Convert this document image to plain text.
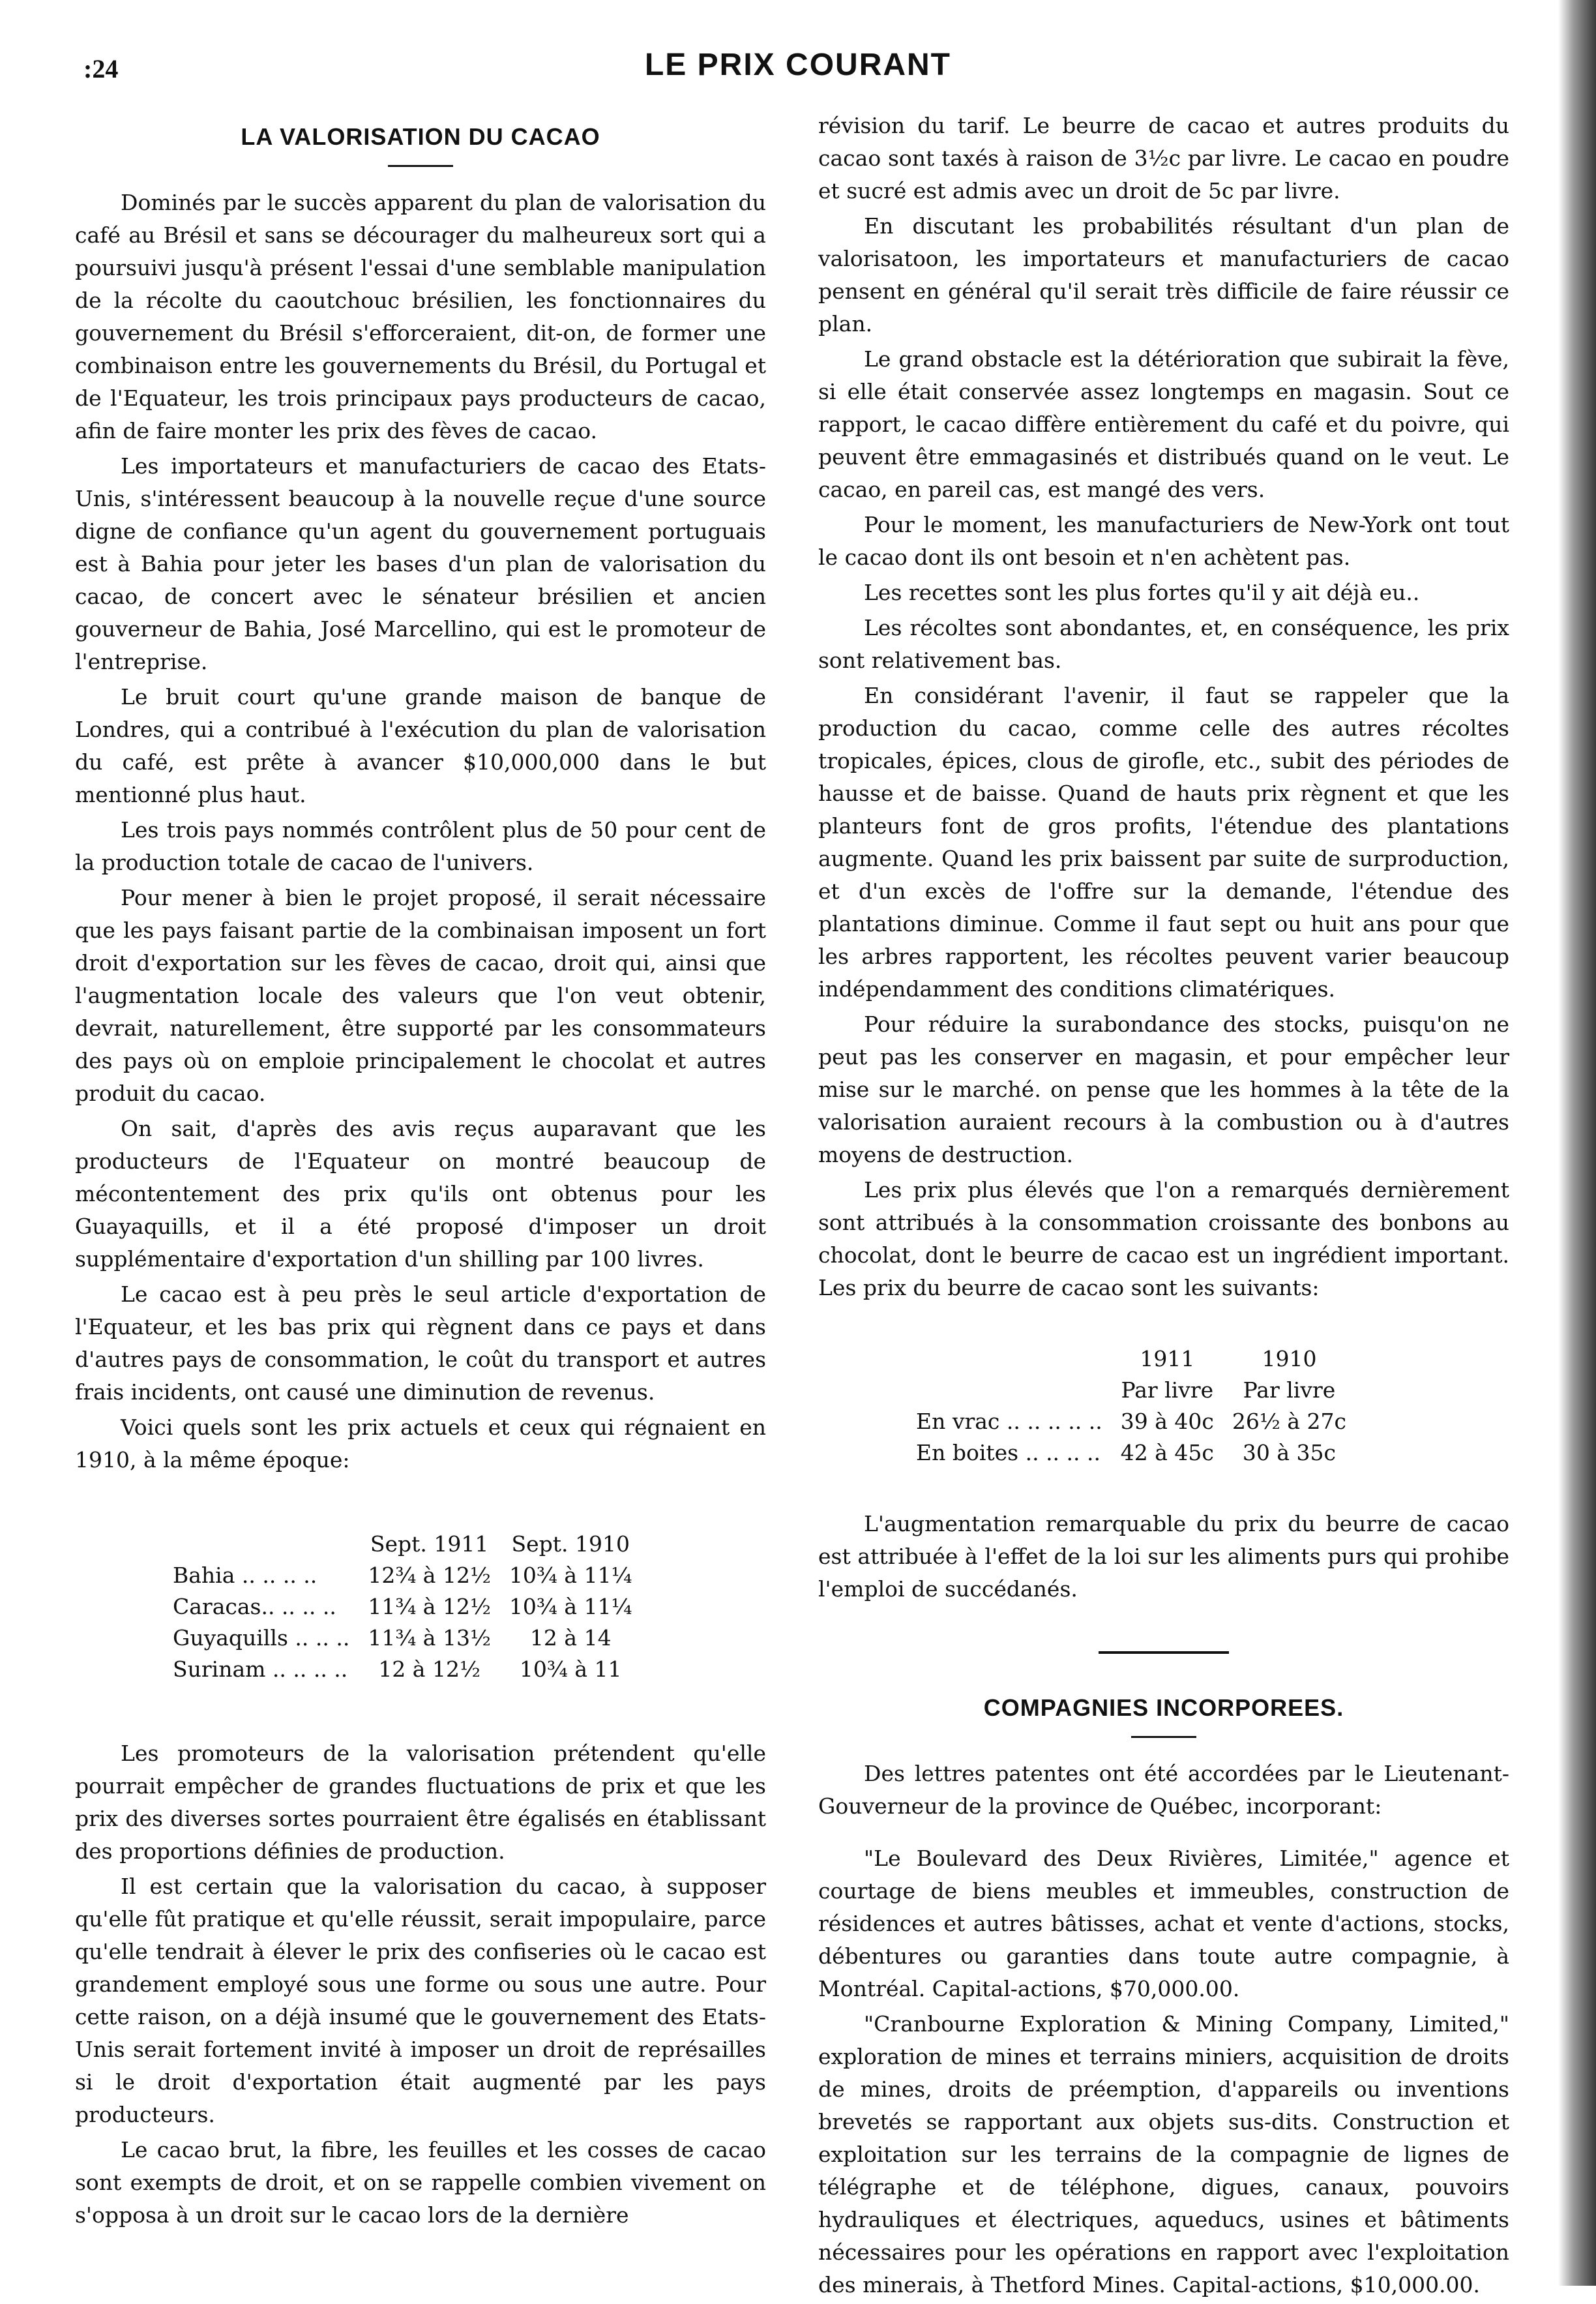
:24	LE PRIX COURANT
LA VALORISATION DU CACAO

Dominés par le succès apparent du plan de valorisation du café au Brésil et sans se décourager du malheureux sort qui a poursuivi jusqu'à présent l'essai d'une semblable manipulation de la récolte du caoutchouc brésilien, les fonctionnaires du gouvernement du Brésil s'efforceraient, dit-on, de former une combinaison entre les gouvernements du Brésil, du Portugal et de l'Equateur, les trois principaux pays producteurs de cacao, afin de faire monter les prix des fèves de cacao.

Les importateurs et manufacturiers de cacao des Etats-Unis, s'intéressent beaucoup à la nouvelle reçue d'une source digne de confiance qu'un agent du gouvernement portuguais est à Bahia pour jeter les bases d'un plan de valorisation du cacao, de concert avec le sénateur brésilien et ancien gouverneur de Bahia, José Marcellino, qui est le promoteur de l'entreprise.

Le bruit court qu'une grande maison de banque de Londres, qui a contribué à l'exécution du plan de valorisation du café, est prête à avancer $10,000,000 dans le but mentionné plus haut.

Les trois pays nommés contrôlent plus de 50 pour cent de la production totale de cacao de l'univers.

Pour mener à bien le projet proposé, il serait nécessaire que les pays faisant partie de la combinaisan imposent un fort droit d'exportation sur les fèves de cacao, droit qui, ainsi que l'augmentation locale des valeurs que l'on veut obtenir, devrait, naturellement, être supporté par les consommateurs des pays où on emploie principalement le chocolat et autres produit du cacao.

On sait, d'après des avis reçus auparavant que les producteurs de l'Equateur on montré beaucoup de mécontentement des prix qu'ils ont obtenus pour les Guayaquills, et il a été proposé d'imposer un droit supplémentaire d'exportation d'un shilling par 100 livres.

Le cacao est à peu près le seul article d'exportation de l'Equateur, et les bas prix qui règnent dans ce pays et dans d'autres pays de consommation, le coût du transport et autres frais incidents, ont causé une diminution de revenus.

Voici quels sont les prix actuels et ceux qui régnaient en 1910, à la même époque:

	Sept. 1911	Sept. 1910
Bahia .. .. .. ..	12¾ à 12½	10¾ à 11¼
Caracas.. .. .. ..	11¾ à 12½	10¾ à 11¼
Guyaquills .. .. ..	11¾ à 13½	12 à 14
Surinam .. .. .. ..	12 à 12½	10¾ à 11

Les promoteurs de la valorisation prétendent qu'elle pourrait empêcher de grandes fluctuations de prix et que les prix des diverses sortes pourraient être égalisés en établissant des proportions définies de production.

Il est certain que la valorisation du cacao, à supposer qu'elle fût pratique et qu'elle réussit, serait impopulaire, parce qu'elle tendrait à élever le prix des confiseries où le cacao est grandement employé sous une forme ou sous une autre. Pour cette raison, on a déjà insumé que le gouvernement des Etats-Unis serait fortement invité à imposer un droit de représailles si le droit d'exportation était augmenté par les pays producteurs.

Le cacao brut, la fibre, les feuilles et les cosses de cacao sont exempts de droit, et on se rappelle combien vivement on s'opposa à un droit sur le cacao lors de la dernière

révision du tarif. Le beurre de cacao et autres produits du cacao sont taxés à raison de 3½c par livre. Le cacao en poudre et sucré est admis avec un droit de 5c par livre.

En discutant les probabilités résultant d'un plan de valorisatoon, les importateurs et manufacturiers de cacao pensent en général qu'il serait très difficile de faire réussir ce plan.

Le grand obstacle est la détérioration que subirait la fève, si elle était conservée assez longtemps en magasin. Sout ce rapport, le cacao diffère entièrement du café et du poivre, qui peuvent être emmagasinés et distribués quand on le veut. Le cacao, en pareil cas, est mangé des vers.

Pour le moment, les manufacturiers de New-York ont tout le cacao dont ils ont besoin et n'en achètent pas.

Les recettes sont les plus fortes qu'il y ait déjà eu..

Les récoltes sont abondantes, et, en conséquence, les prix sont relativement bas.

En considérant l'avenir, il faut se rappeler que la production du cacao, comme celle des autres récoltes tropicales, épices, clous de girofle, etc., subit des périodes de hausse et de baisse. Quand de hauts prix règnent et que les planteurs font de gros profits, l'étendue des plantations augmente. Quand les prix baissent par suite de surproduction, et d'un excès de l'offre sur la demande, l'étendue des plantations diminue. Comme il faut sept ou huit ans pour que les arbres rapportent, les récoltes peuvent varier beaucoup indépendamment des conditions climatériques.

Pour réduire la surabondance des stocks, puisqu'on ne peut pas les conserver en magasin, et pour empêcher leur mise sur le marché. on pense que les hommes à la tête de la valorisation auraient recours à la combustion ou à d'autres moyens de destruction.

Les prix plus élevés que l'on a remarqués dernièrement sont attribués à la consommation croissante des bonbons au chocolat, dont le beurre de cacao est un ingrédient important. Les prix du beurre de cacao sont les suivants:

	1911	1910
	Par livre	Par livre
En vrac .. .. .. .. ..	39 à 40c	26½ à 27c
En boites .. .. .. ..	42 à 45c	30 à 35c

L'augmentation remarquable du prix du beurre de cacao est attribuée à l'effet de la loi sur les aliments purs qui prohibe l'emploi de succédanés.

COMPAGNIES INCORPOREES.

Des lettres patentes ont été accordées par le Lieutenant-Gouverneur de la province de Québec, incorporant:

"Le Boulevard des Deux Rivières, Limitée," agence et courtage de biens meubles et immeubles, construction de résidences et autres bâtisses, achat et vente d'actions, stocks, débentures ou garanties dans toute autre compagnie, à Montréal. Capital-actions, $70,000.00.

"Cranbourne Exploration & Mining Company, Limited," exploration de mines et terrains miniers, acquisition de droits de mines, droits de préemption, d'appareils ou inventions brevetés se rapportant aux objets sus-dits. Construction et exploitation sur les terrains de la compagnie de lignes de télégraphe et de téléphone, digues, canaux, pouvoirs hydrauliques et électriques, aqueducs, usines et bâtiments nécessaires pour les opérations en rapport avec l'exploitation des minerais, à Thetford Mines. Capital-actions, $10,000.00.
